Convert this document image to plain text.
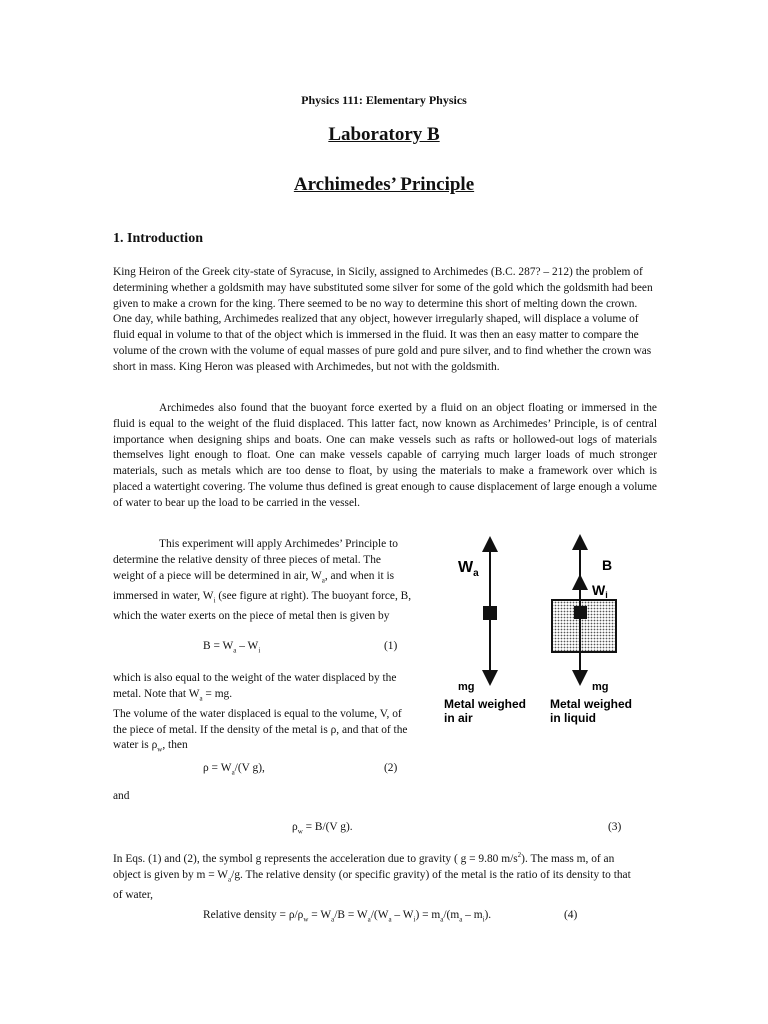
Physics 111: Elementary Physics
Laboratory B
Archimedes’ Principle
1. Introduction
King Heiron of the Greek city-state of Syracuse, in Sicily, assigned to Archimedes (B.C. 287? – 212) the problem of determining whether a goldsmith may have substituted some silver for some of the gold which the goldsmith had been given to make a crown for the king. There seemed to be no way to determine this short of melting down the crown. One day, while bathing, Archimedes realized that any object, however irregularly shaped, will displace a volume of fluid equal in volume to that of the object which is immersed in the fluid. It was then an easy matter to compare the volume of the crown with the volume of equal masses of pure gold and pure silver, and to find whether the crown was short in mass. King Heron was pleased with Archimedes, but not with the goldsmith.
Archimedes also found that the buoyant force exerted by a fluid on an object floating or immersed in the fluid is equal to the weight of the fluid displaced. This latter fact, now known as Archimedes’ Principle, is of central importance when designing ships and boats. One can make vessels such as rafts or hollowed-out logs of materials themselves light enough to float. One can make vessels capable of carrying much larger loads of much stronger materials, such as metals which are too dense to float, by using the materials to make a framework over which is placed a watertight covering. The volume thus defined is great enough to cause displacement of large enough a volume of water to bear up the load to be carried in the vessel.
This experiment will apply Archimedes’ Principle to determine the relative density of three pieces of metal. The weight of a piece will be determined in air, $W_a$, and when it is immersed in water, $W_i$ (see figure at right). The buoyant force, B, which the water exerts on the piece of metal then is given by
$B = W_a - W_i$	(1)
which is also equal to the weight of the water displaced by the metal. Note that $W_a$ = mg.
The volume of the water displaced is equal to the volume, V, of the piece of metal. If the density of the metal is ρ, and that of the water is $\rho_w$, then
$\rho = W_a/(V$ g),	(2)
and
$\rho_w = B/(V$ g).	(3)
In Eqs. (1) and (2), the symbol g represents the acceleration due to gravity ( g = 9.80 $m/s^2$). The mass m, of an object is given by $m = W_a/g$. The relative density (or specific gravity) of the metal is the ratio of its density to that of water,
Relative density = $\rho/\rho_w = W_a/B = W_a/(W_a - W_i) = m_a/(m_a - m_i)$.	(4)
$W_a$
mg
Metal weighed
in air
B
$W_i$
mg
Metal weighed
in liquid
